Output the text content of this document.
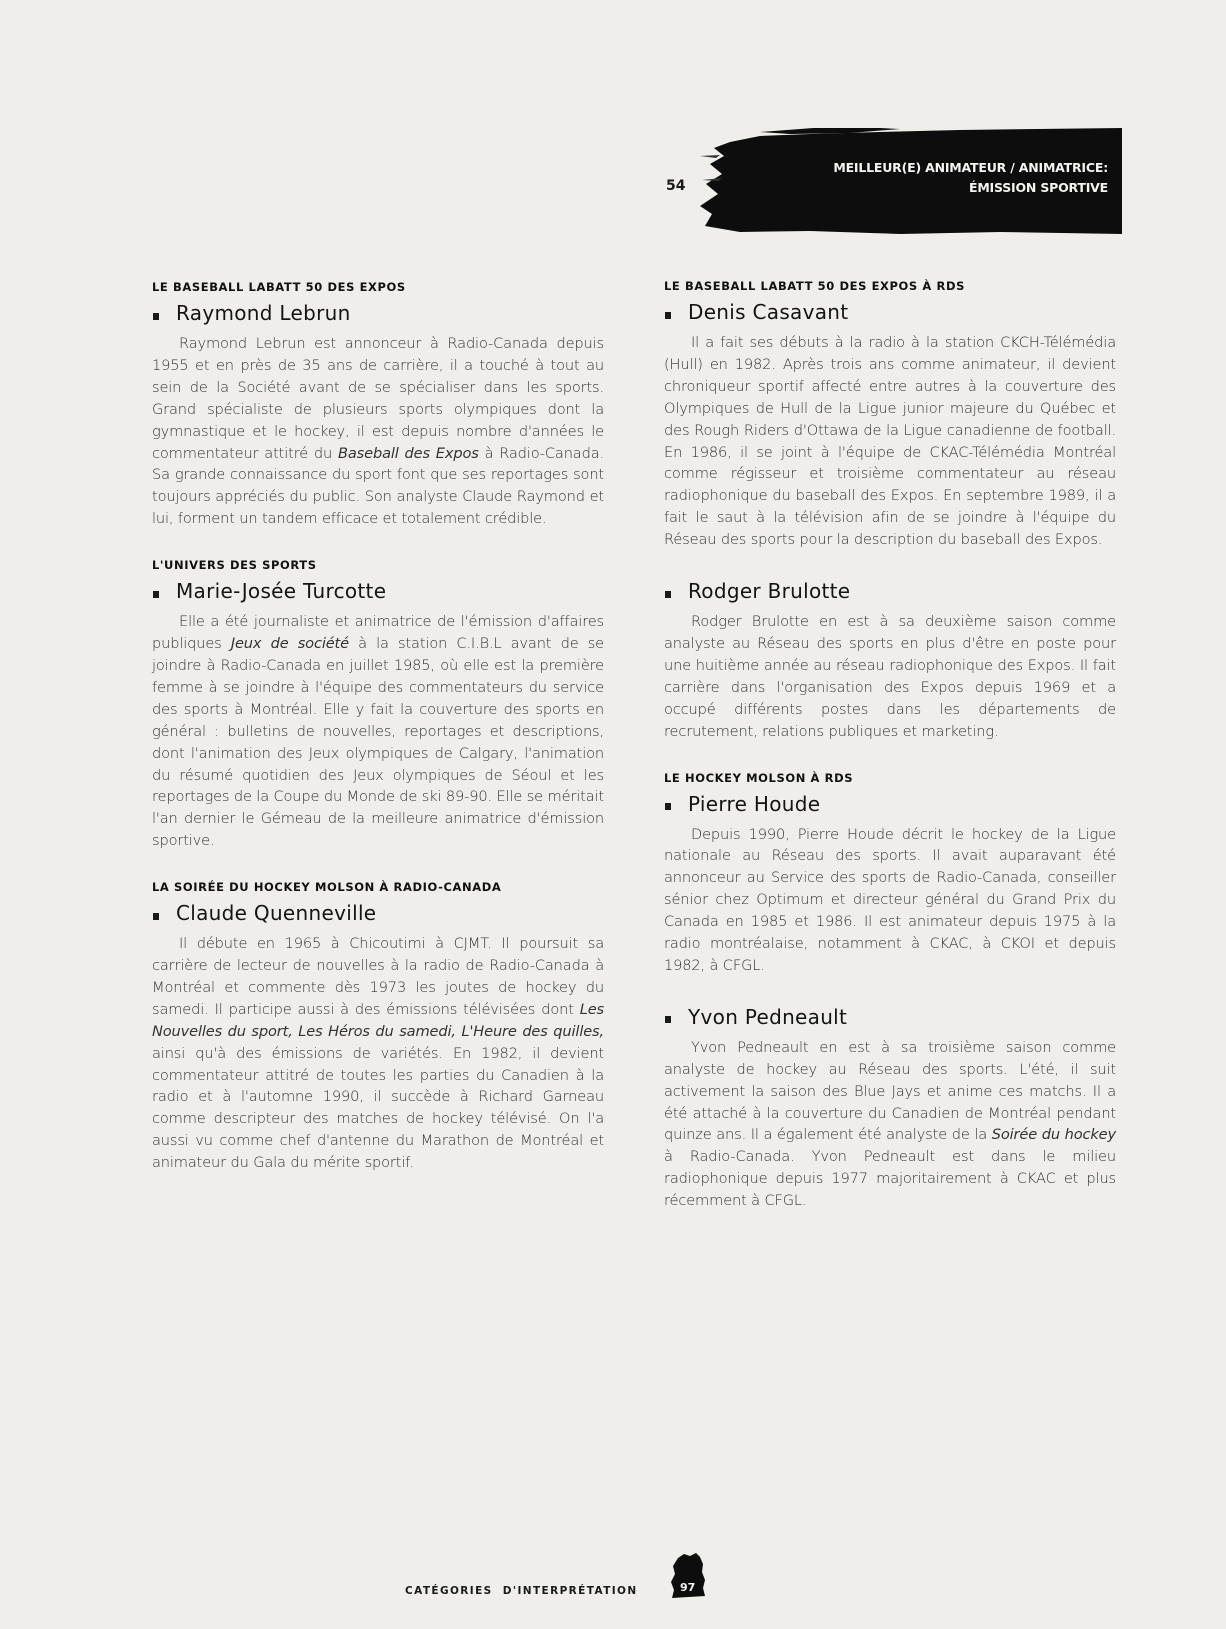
54
MEILLEUR(E) ANIMATEUR / ANIMATRICE:
ÉMISSION SPORTIVE
LE BASEBALL LABATT 50 DES EXPOS
Raymond Lebrun

Raymond Lebrun est annonceur à Radio-Canada depuis 1955 et en près de 35 ans de carrière, il a touché à tout au sein de la Société avant de se spécialiser dans les sports. Grand spécialiste de plusieurs sports olympiques dont la gymnastique et le hockey, il est depuis nombre d'années le commentateur attitré du Baseball des Expos à Radio-Canada. Sa grande connaissance du sport font que ses reportages sont toujours appréciés du public. Son analyste Claude Raymond et lui, forment un tandem efficace et totalement crédible.

L'UNIVERS DES SPORTS
Marie-Josée Turcotte

Elle a été journaliste et animatrice de l'émission d'affaires publiques Jeux de société à la station C.I.B.L avant de se joindre à Radio-Canada en juillet 1985, où elle est la première femme à se joindre à l'équipe des commentateurs du service des sports à Montréal. Elle y fait la couverture des sports en général : bulletins de nouvelles, reportages et descriptions, dont l'animation des Jeux olympiques de Calgary, l'animation du résumé quotidien des Jeux olympiques de Séoul et les reportages de la Coupe du Monde de ski 89-90. Elle se méritait l'an dernier le Gémeau de la meilleure animatrice d'émission sportive.

LA SOIRÉE DU HOCKEY MOLSON À RADIO-CANADA
Claude Quenneville

Il débute en 1965 à Chicoutimi à CJMT. Il poursuit sa carrière de lecteur de nouvelles à la radio de Radio-Canada à Montréal et commente dès 1973 les joutes de hockey du samedi. Il participe aussi à des émissions télévisées dont Les Nouvelles du sport, Les Héros du samedi, L'Heure des quilles, ainsi qu'à des émissions de variétés. En 1982, il devient commentateur attitré de toutes les parties du Canadien à la radio et à l'automne 1990, il succède à Richard Garneau comme descripteur des matches de hockey télévisé. On l'a aussi vu comme chef d'antenne du Marathon de Montréal et animateur du Gala du mérite sportif.

LE BASEBALL LABATT 50 DES EXPOS À RDS
Denis Casavant

Il a fait ses débuts à la radio à la station CKCH-Télémédia (Hull) en 1982. Après trois ans comme animateur, il devient chroniqueur sportif affecté entre autres à la couverture des Olympiques de Hull de la Ligue junior majeure du Québec et des Rough Riders d'Ottawa de la Ligue canadienne de football. En 1986, il se joint à l'équipe de CKAC-Télémédia Montréal comme régisseur et troisième commentateur au réseau radiophonique du baseball des Expos. En septembre 1989, il a fait le saut à la télévision afin de se joindre à l'équipe du Réseau des sports pour la description du baseball des Expos.

Rodger Brulotte

Rodger Brulotte en est à sa deuxième saison comme analyste au Réseau des sports en plus d'être en poste pour une huitième année au réseau radiophonique des Expos. Il fait carrière dans l'organisation des Expos depuis 1969 et a occupé différents postes dans les départements de recrutement, relations publiques et marketing.

LE HOCKEY MOLSON À RDS
Pierre Houde

Depuis 1990, Pierre Houde décrit le hockey de la Ligue nationale au Réseau des sports. Il avait auparavant été annonceur au Service des sports de Radio-Canada, conseiller sénior chez Optimum et directeur général du Grand Prix du Canada en 1985 et 1986. Il est animateur depuis 1975 à la radio montréalaise, notamment à CKAC, à CKOI et depuis 1982, à CFGL.

Yvon Pedneault

Yvon Pedneault en est à sa troisième saison comme analyste de hockey au Réseau des sports. L'été, il suit activement la saison des Blue Jays et anime ces matchs. Il a été attaché à la couverture du Canadien de Montréal pendant quinze ans. Il a également été analyste de la Soirée du hockey à Radio-Canada. Yvon Pedneault est dans le milieu radiophonique depuis 1977 majoritairement à CKAC et plus récemment à CFGL.

CATÉGORIES  D'INTERPRÉTATION	97
